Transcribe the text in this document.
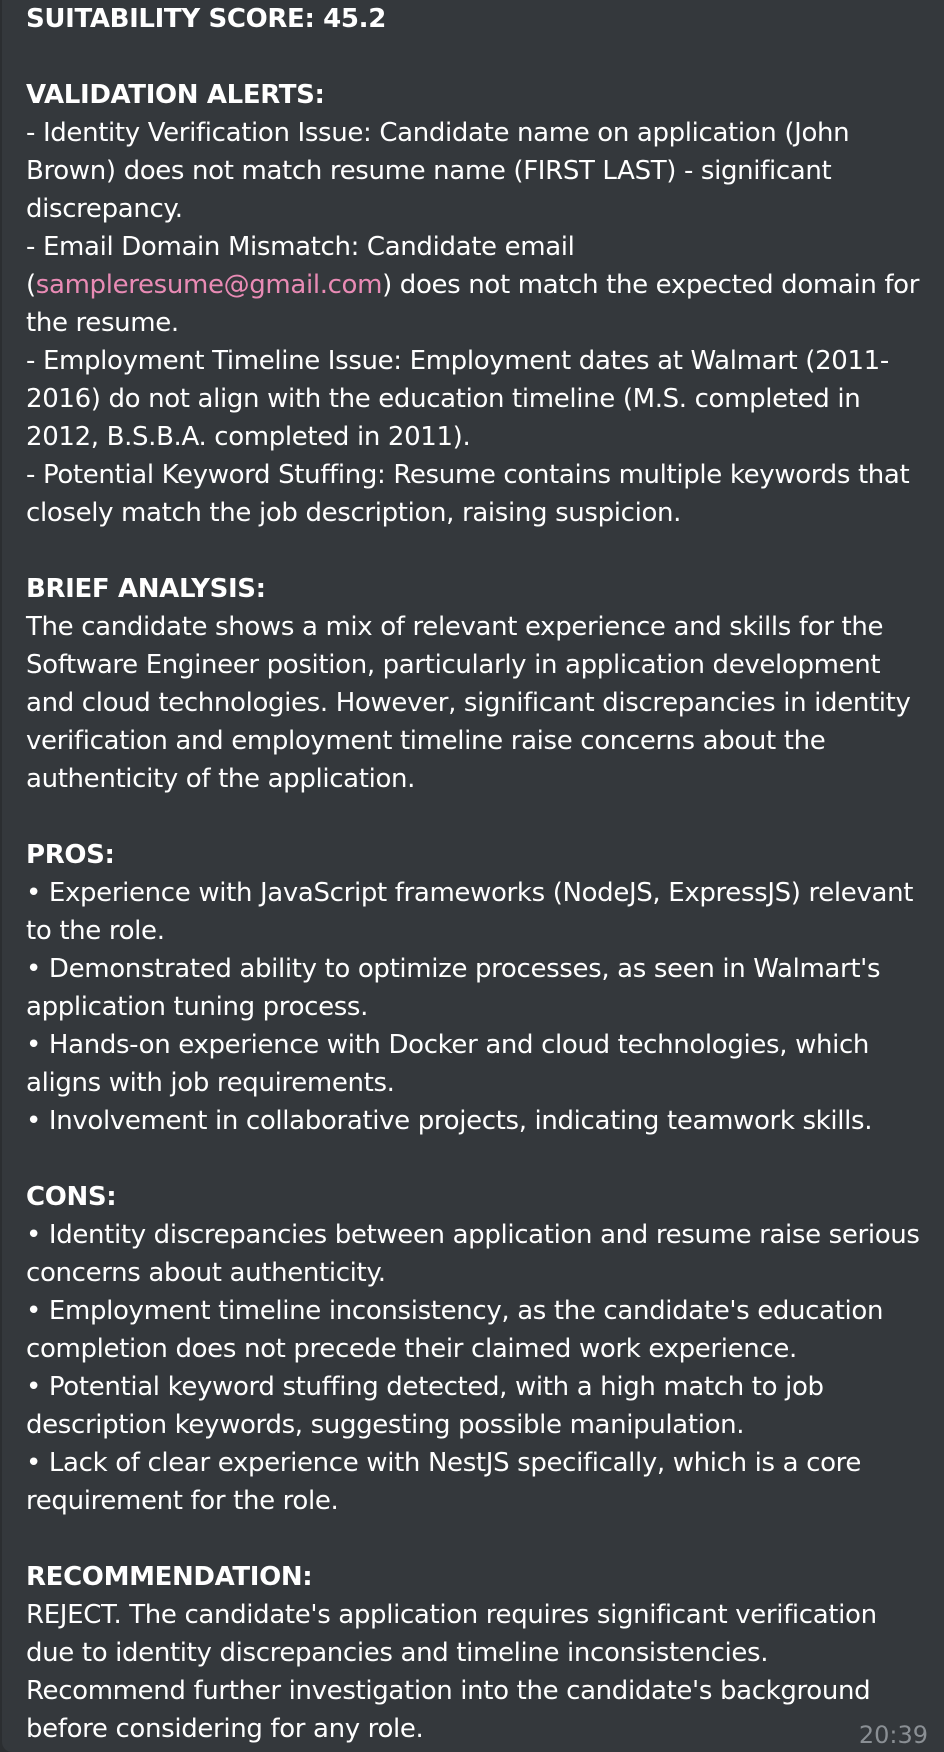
SUITABILITY SCORE: 45.2
VALIDATION ALERTS:
- Identity Verification Issue: Candidate name on application (John Brown) does not match resume name (FIRST LAST) - significant discrepancy.
- Email Domain Mismatch: Candidate email (sampleresume@gmail.com) does not match the expected domain for the resume.
- Employment Timeline Issue: Employment dates at Walmart (2011-2016) do not align with the education timeline (M.S. completed in 2012, B.S.B.A. completed in 2011).
- Potential Keyword Stuffing: Resume contains multiple keywords that closely match the job description, raising suspicion.
BRIEF ANALYSIS:
The candidate shows a mix of relevant experience and skills for the Software Engineer position, particularly in application development and cloud technologies. However, significant discrepancies in identity verification and employment timeline raise concerns about the authenticity of the application.
PROS:
• Experience with JavaScript frameworks (NodeJS, ExpressJS) relevant to the role.
• Demonstrated ability to optimize processes, as seen in Walmart's application tuning process.
• Hands-on experience with Docker and cloud technologies, which aligns with job requirements.
• Involvement in collaborative projects, indicating teamwork skills.
CONS:
• Identity discrepancies between application and resume raise serious concerns about authenticity.
• Employment timeline inconsistency, as the candidate's education completion does not precede their claimed work experience.
• Potential keyword stuffing detected, with a high match to job description keywords, suggesting possible manipulation.
• Lack of clear experience with NestJS specifically, which is a core requirement for the role.
RECOMMENDATION:
REJECT. The candidate's application requires significant verification due to identity discrepancies and timeline inconsistencies. Recommend further investigation into the candidate's background before considering for any role.	20:39
